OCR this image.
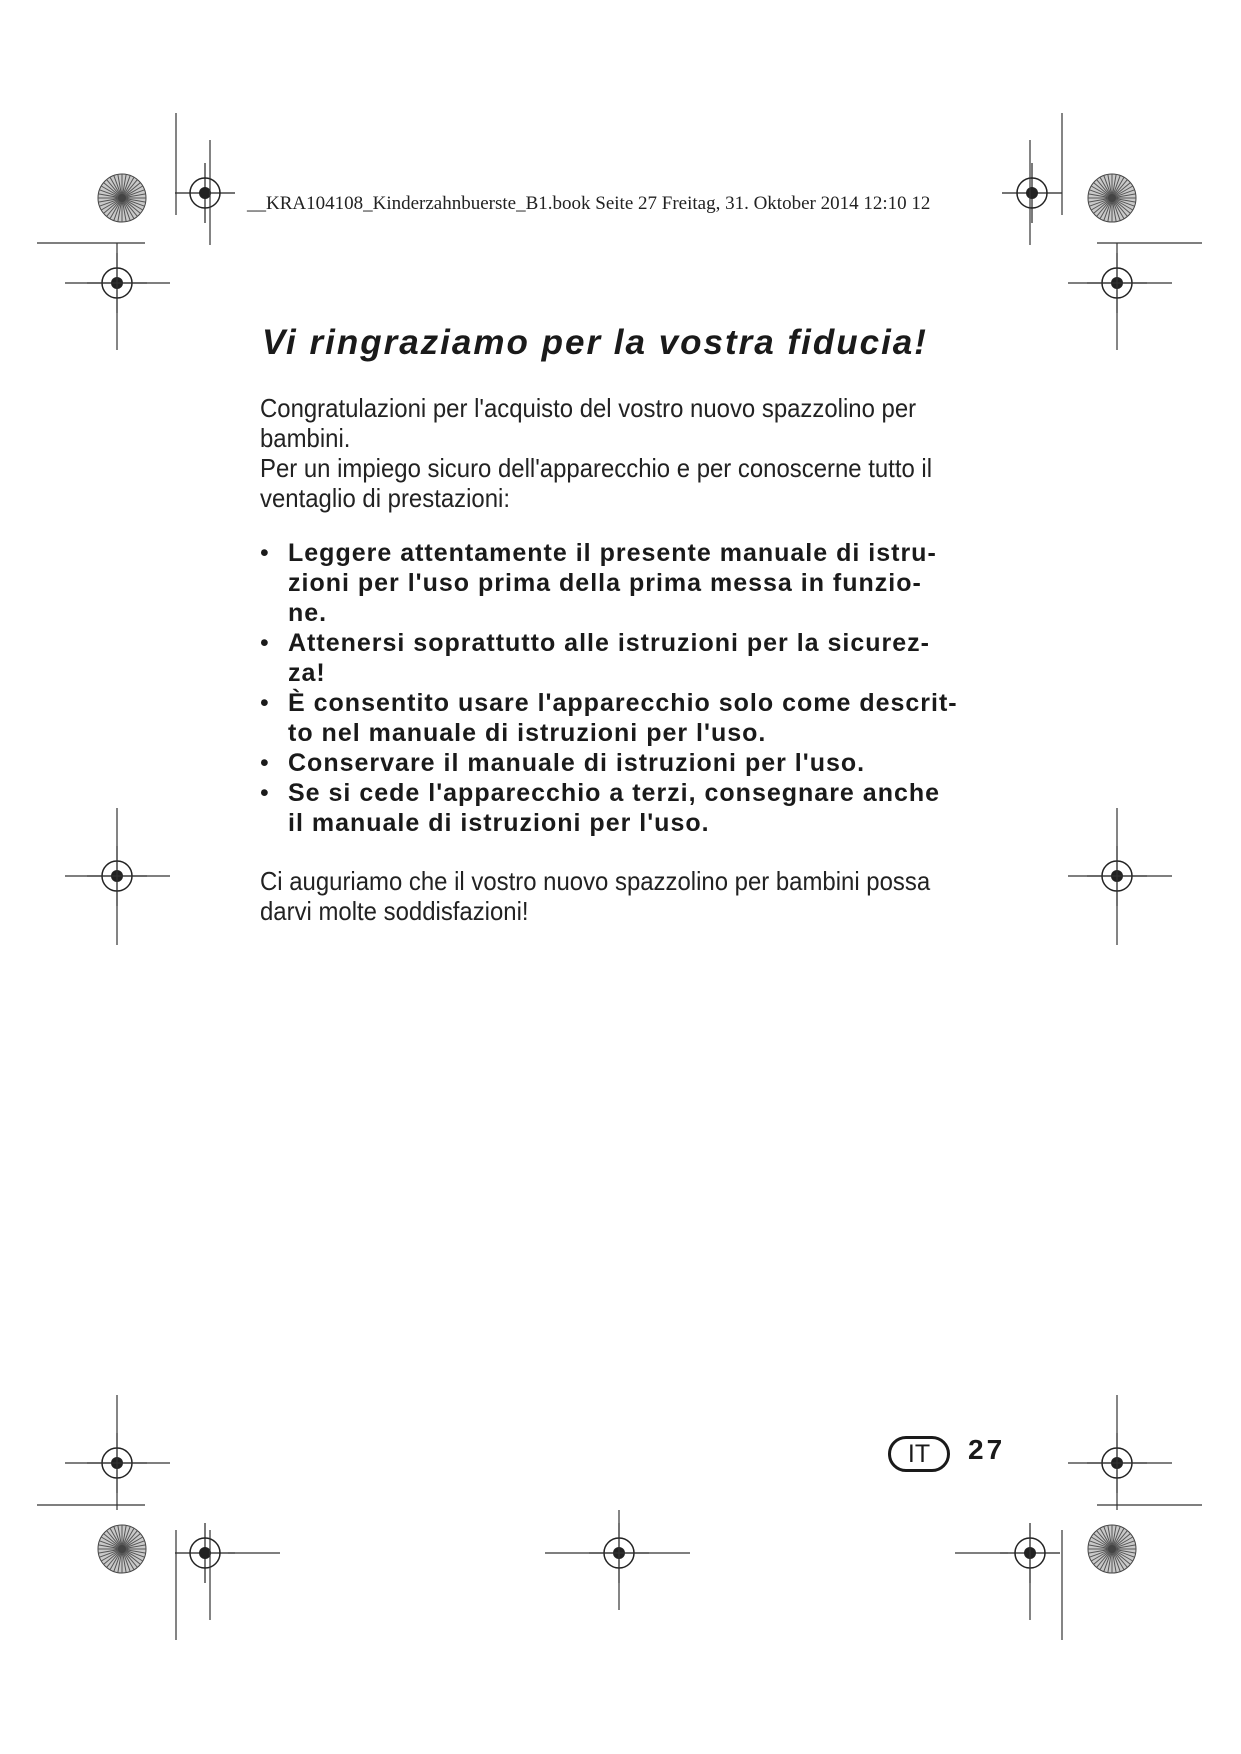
__KRA104108_Kinderzahnbuerste_B1.book Seite 27 Freitag, 31. Oktober 2014 12:10 12
Vi ringraziamo per la vostra fiducia!

Congratulazioni per l'acquisto del vostro nuovo spazzolino per
bambini.

Per un impiego sicuro dell'apparecchio e per conoscerne tutto il
ventaglio di prestazioni:

• Leggere attentamente il presente manuale di istru-
zioni per l'uso prima della prima messa in funzio-
ne.
• Attenersi soprattutto alle istruzioni per la sicurez-
za!
• È consentito usare l'apparecchio solo come descrit-
to nel manuale di istruzioni per l'uso.
• Conservare il manuale di istruzioni per l'uso.
• Se si cede l'apparecchio a terzi, consegnare anche
il manuale di istruzioni per l'uso.

Ci auguriamo che il vostro nuovo spazzolino per bambini possa
darvi molte soddisfazioni!

IT	27
